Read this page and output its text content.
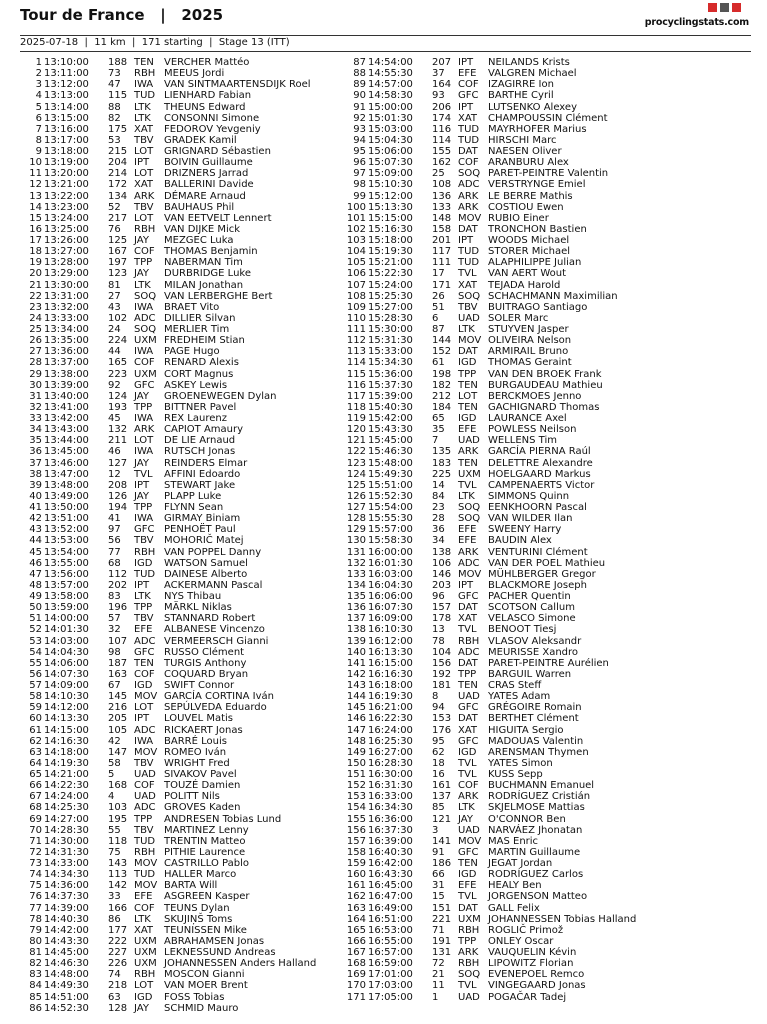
Tour de France | 2025	procyclingstats.com
2025-07-18 | 11 km | 171 starting | Stage 13 (ITT)
1 13:10:00 188 TEN VERCHER Mattéo
2 13:11:00 73 RBH MEEUS Jordi
3 13:12:00 47 IWA VAN SINTMAARTENSDIJK Roel
4 13:13:00 115 TUD LIENHARD Fabian
5 13:14:00 88 LTK THEUNS Edward
6 13:15:00 82 LTK CONSONNI Simone
7 13:16:00 175 XAT FEDOROV Yevgeniy
8 13:17:00 53 TBV GRADEK Kamil
9 13:18:00 215 LOT GRIGNARD Sébastien
10 13:19:00 204 IPT BOIVIN Guillaume
11 13:20:00 214 LOT DRIZNERS Jarrad
12 13:21:00 172 XAT BALLERINI Davide
13 13:22:00 134 ARK DÉMARE Arnaud
14 13:23:00 52 TBV BAUHAUS Phil
15 13:24:00 217 LOT VAN EETVELT Lennert
16 13:25:00 76 RBH VAN DIJKE Mick
17 13:26:00 125 JAY MEZGEC Luka
18 13:27:00 167 COF THOMAS Benjamin
19 13:28:00 197 TPP NABERMAN Tim
20 13:29:00 123 JAY DURBRIDGE Luke
21 13:30:00 81 LTK MILAN Jonathan
22 13:31:00 27 SOQ VAN LERBERGHE Bert
23 13:32:00 43 IWA BRAET Vito
24 13:33:00 102 ADC DILLIER Silvan
25 13:34:00 24 SOQ MERLIER Tim
26 13:35:00 224 UXM FREDHEIM Stian
27 13:36:00 44 IWA PAGE Hugo
28 13:37:00 165 COF RENARD Alexis
29 13:38:00 223 UXM CORT Magnus
30 13:39:00 92 GFC ASKEY Lewis
31 13:40:00 124 JAY GROENEWEGEN Dylan
32 13:41:00 193 TPP BITTNER Pavel
33 13:42:00 45 IWA REX Laurenz
34 13:43:00 132 ARK CAPIOT Amaury
35 13:44:00 211 LOT DE LIE Arnaud
36 13:45:00 46 IWA RUTSCH Jonas
37 13:46:00 127 JAY REINDERS Elmar
38 13:47:00 12 TVL AFFINI Edoardo
39 13:48:00 208 IPT STEWART Jake
40 13:49:00 126 JAY PLAPP Luke
41 13:50:00 194 TPP FLYNN Sean
42 13:51:00 41 IWA GIRMAY Biniam
43 13:52:00 97 GFC PENHOËT Paul
44 13:53:00 56 TBV MOHORIČ Matej
45 13:54:00 77 RBH VAN POPPEL Danny
46 13:55:00 68 IGD WATSON Samuel
47 13:56:00 112 TUD DAINESE Alberto
48 13:57:00 202 IPT ACKERMANN Pascal
49 13:58:00 83 LTK NYS Thibau
50 13:59:00 196 TPP MÄRKL Niklas
51 14:00:00 57 TBV STANNARD Robert
52 14:01:30 32 EFE ALBANESE Vincenzo
53 14:03:00 107 ADC VERMEERSCH Gianni
54 14:04:30 98 GFC RUSSO Clément
55 14:06:00 187 TEN TURGIS Anthony
56 14:07:30 163 COF COQUARD Bryan
57 14:09:00 67 IGD SWIFT Connor
58 14:10:30 145 MOV GARCÍA CORTINA Iván
59 14:12:00 216 LOT SEPÚLVEDA Eduardo
60 14:13:30 205 IPT LOUVEL Matis
61 14:15:00 105 ADC RICKAERT Jonas
62 14:16:30 42 IWA BARRÉ Louis
63 14:18:00 147 MOV ROMEO Iván
64 14:19:30 58 TBV WRIGHT Fred
65 14:21:00 5 UAD SIVAKOV Pavel
66 14:22:30 168 COF TOUZÉ Damien
67 14:24:00 4 UAD POLITT Nils
68 14:25:30 103 ADC GROVES Kaden
69 14:27:00 195 TPP ANDRESEN Tobias Lund
70 14:28:30 55 TBV MARTINEZ Lenny
71 14:30:00 118 TUD TRENTIN Matteo
72 14:31:30 75 RBH PITHIE Laurence
73 14:33:00 143 MOV CASTRILLO Pablo
74 14:34:30 113 TUD HALLER Marco
75 14:36:00 142 MOV BARTA Will
76 14:37:30 33 EFE ASGREEN Kasper
77 14:39:00 166 COF TEUNS Dylan
78 14:40:30 86 LTK SKUJIŅŠ Toms
79 14:42:00 177 XAT TEUNISSEN Mike
80 14:43:30 222 UXM ABRAHAMSEN Jonas
81 14:45:00 227 UXM LEKNESSUND Andreas
82 14:46:30 226 UXM JOHANNESSEN Anders Halland
83 14:48:00 74 RBH MOSCON Gianni
84 14:49:30 218 LOT VAN MOER Brent
85 14:51:00 63 IGD FOSS Tobias
86 14:52:30 128 JAY SCHMID Mauro
87 14:54:00 207 IPT NEILANDS Krists
88 14:55:30 37 EFE VALGREN Michael
89 14:57:00 164 COF IZAGIRRE Ion
90 14:58:30 93 GFC BARTHE Cyril
91 15:00:00 206 IPT LUTSENKO Alexey
92 15:01:30 174 XAT CHAMPOUSSIN Clément
93 15:03:00 116 TUD MAYRHOFER Marius
94 15:04:30 114 TUD HIRSCHI Marc
95 15:06:00 155 DAT NAESEN Oliver
96 15:07:30 162 COF ARANBURU Alex
97 15:09:00 25 SOQ PARET-PEINTRE Valentin
98 15:10:30 108 ADC VERSTRYNGE Emiel
99 15:12:00 136 ARK LE BERRE Mathis
100 15:13:30 133 ARK COSTIOU Ewen
101 15:15:00 148 MOV RUBIO Einer
102 15:16:30 158 DAT TRONCHON Bastien
103 15:18:00 201 IPT WOODS Michael
104 15:19:30 117 TUD STORER Michael
105 15:21:00 111 TUD ALAPHILIPPE Julian
106 15:22:30 17 TVL VAN AERT Wout
107 15:24:00 171 XAT TEJADA Harold
108 15:25:30 26 SOQ SCHACHMANN Maximilian
109 15:27:00 51 TBV BUITRAGO Santiago
110 15:28:30 6 UAD SOLER Marc
111 15:30:00 87 LTK STUYVEN Jasper
112 15:31:30 144 MOV OLIVEIRA Nelson
113 15:33:00 152 DAT ARMIRAIL Bruno
114 15:34:30 61 IGD THOMAS Geraint
115 15:36:00 198 TPP VAN DEN BROEK Frank
116 15:37:30 182 TEN BURGAUDEAU Mathieu
117 15:39:00 212 LOT BERCKMOES Jenno
118 15:40:30 184 TEN GACHIGNARD Thomas
119 15:42:00 65 IGD LAURANCE Axel
120 15:43:30 35 EFE POWLESS Neilson
121 15:45:00 7 UAD WELLENS Tim
122 15:46:30 135 ARK GARCÍA PIERNA Raúl
123 15:48:00 183 TEN DELETTRE Alexandre
124 15:49:30 225 UXM HOELGAARD Markus
125 15:51:00 14 TVL CAMPENAERTS Victor
126 15:52:30 84 LTK SIMMONS Quinn
127 15:54:00 23 SOQ EENKHOORN Pascal
128 15:55:30 28 SOQ VAN WILDER Ilan
129 15:57:00 36 EFE SWEENY Harry
130 15:58:30 34 EFE BAUDIN Alex
131 16:00:00 138 ARK VENTURINI Clément
132 16:01:30 106 ADC VAN DER POEL Mathieu
133 16:03:00 146 MOV MÜHLBERGER Gregor
134 16:04:30 203 IPT BLACKMORE Joseph
135 16:06:00 96 GFC PACHER Quentin
136 16:07:30 157 DAT SCOTSON Callum
137 16:09:00 178 XAT VELASCO Simone
138 16:10:30 13 TVL BENOOT Tiesj
139 16:12:00 78 RBH VLASOV Aleksandr
140 16:13:30 104 ADC MEURISSE Xandro
141 16:15:00 156 DAT PARET-PEINTRE Aurélien
142 16:16:30 192 TPP BARGUIL Warren
143 16:18:00 181 TEN CRAS Steff
144 16:19:30 8 UAD YATES Adam
145 16:21:00 94 GFC GRÉGOIRE Romain
146 16:22:30 153 DAT BERTHET Clément
147 16:24:00 176 XAT HIGUITA Sergio
148 16:25:30 95 GFC MADOUAS Valentin
149 16:27:00 62 IGD ARENSMAN Thymen
150 16:28:30 18 TVL YATES Simon
151 16:30:00 16 TVL KUSS Sepp
152 16:31:30 161 COF BUCHMANN Emanuel
153 16:33:00 137 ARK RODRÍGUEZ Cristián
154 16:34:30 85 LTK SKJELMOSE Mattias
155 16:36:00 121 JAY O'CONNOR Ben
156 16:37:30 3 UAD NARVÁEZ Jhonatan
157 16:39:00 141 MOV MAS Enric
158 16:40:30 91 GFC MARTIN Guillaume
159 16:42:00 186 TEN JEGAT Jordan
160 16:43:30 66 IGD RODRÍGUEZ Carlos
161 16:45:00 31 EFE HEALY Ben
162 16:47:00 15 TVL JORGENSON Matteo
163 16:49:00 151 DAT GALL Felix
164 16:51:00 221 UXM JOHANNESSEN Tobias Halland
165 16:53:00 71 RBH ROGLIČ Primož
166 16:55:00 191 TPP ONLEY Oscar
167 16:57:00 131 ARK VAUQUELIN Kévin
168 16:59:00 72 RBH LIPOWITZ Florian
169 17:01:00 21 SOQ EVENEPOEL Remco
170 17:03:00 11 TVL VINGEGAARD Jonas
171 17:05:00 1 UAD POGAČAR Tadej
